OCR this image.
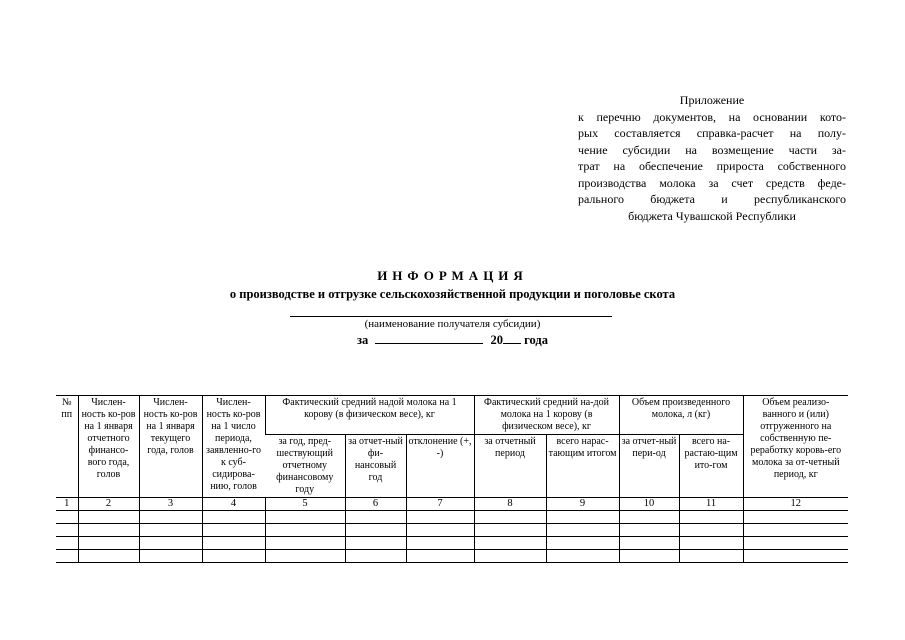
Приложение
к перечню документов, на основании кото-
рых составляется справка-расчет на полу-
чение субсидии на возмещение части за-
трат на обеспечение прироста собственного
производства молока за счет средств феде-
рального бюджета и республиканского
бюджета Чувашской Республики
ИНФОРМАЦИЯ
о производстве и отгрузке сельскохозяйственной продукции и поголовье скота
(наименование получателя субсидии)
за	20 года
№ пп	Числен-ность ко-ров на 1 января отчетного финансо-вого года, голов	Числен-ность ко-ров на 1 января текущего года, голов	Числен-ность ко-ров на 1 число периода, заявленно-го к суб-сидирова-нию, голов	Фактический средний надой молока на 1 корову (в физическом весе), кг			Фактический средний на-дой молока на 1 корову (в физическом весе), кг		Объем произведенного молока, л (кг)		Объем реализо-ванного и (или) отгруженного на собственную пе-реработку коровь-его молока за от-четный период, кг
				за год, пред-шествующий отчетному финансовому году	за отчет-ный фи-нансовый год	отклонение (+, -)	за отчетный период	всего нарас-тающим итогом	за отчет-ный пери-од	всего на-растаю-щим ито-гом	
1	2	3	4	5	6	7	8	9	10	11	12
